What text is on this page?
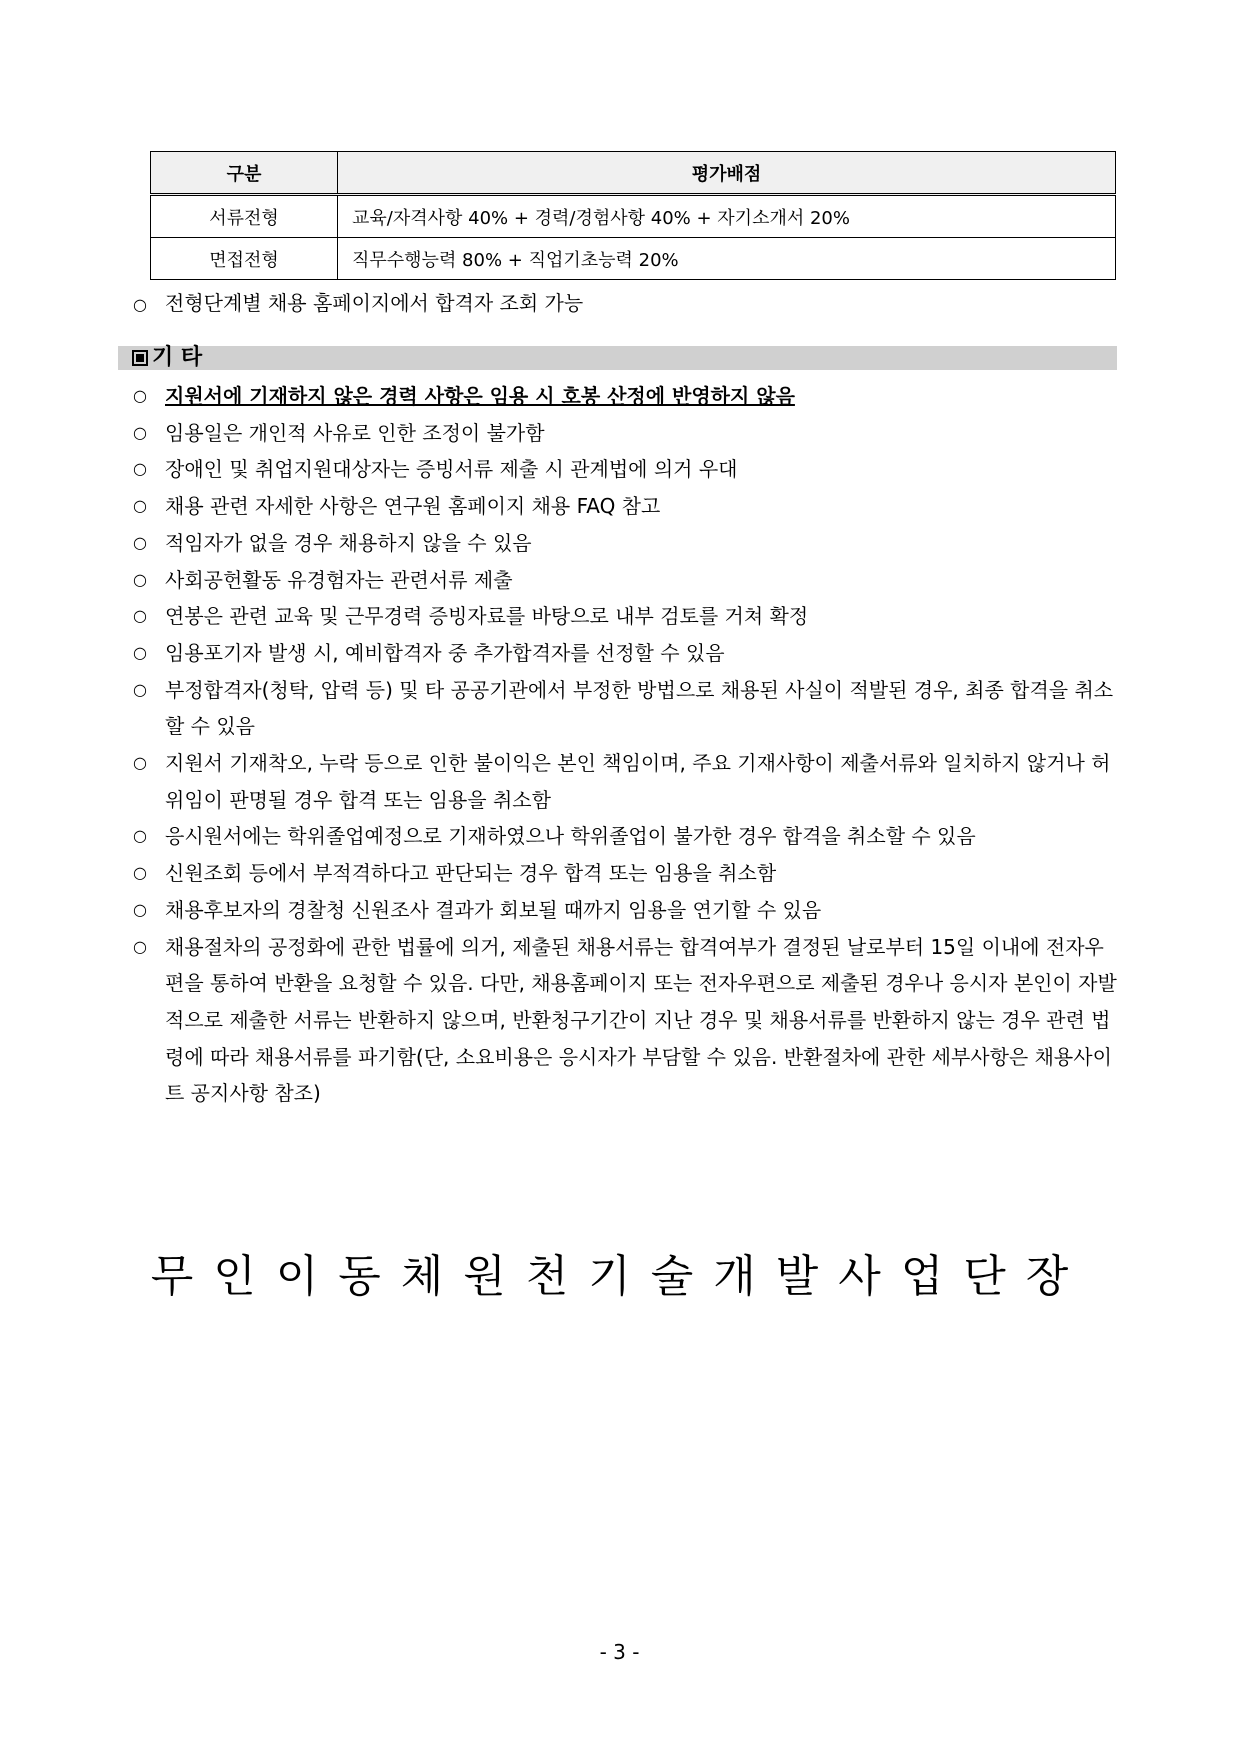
구분	평가배점
서류전형	교육/자격사항 40% + 경력/경험사항 40% + 자기소개서 20%
면접전형	직무수행능력 80% + 직업기초능력 20%
○ 전형단계별 채용 홈페이지에서 합격자 조회 가능
기 타
○ 지원서에 기재하지 않은 경력 사항은 임용 시 호봉 산정에 반영하지 않음
○ 임용일은 개인적 사유로 인한 조정이 불가함
○ 장애인 및 취업지원대상자는 증빙서류 제출 시 관계법에 의거 우대
○ 채용 관련 자세한 사항은 연구원 홈페이지 채용 FAQ 참고
○ 적임자가 없을 경우 채용하지 않을 수 있음
○ 사회공헌활동 유경험자는 관련서류 제출
○ 연봉은 관련 교육 및 근무경력 증빙자료를 바탕으로 내부 검토를 거쳐 확정
○ 임용포기자 발생 시, 예비합격자 중 추가합격자를 선정할 수 있음
○ 부정합격자(청탁, 압력 등) 및 타 공공기관에서 부정한 방법으로 채용된 사실이 적발된 경우, 최종 합격을 취소할 수 있음
○ 지원서 기재착오, 누락 등으로 인한 불이익은 본인 책임이며, 주요 기재사항이 제출서류와 일치하지 않거나 허위임이 판명될 경우 합격 또는 임용을 취소함
○ 응시원서에는 학위졸업예정으로 기재하였으나 학위졸업이 불가한 경우 합격을 취소할 수 있음
○ 신원조회 등에서 부적격하다고 판단되는 경우 합격 또는 임용을 취소함
○ 채용후보자의 경찰청 신원조사 결과가 회보될 때까지 임용을 연기할 수 있음
○ 채용절차의 공정화에 관한 법률에 의거, 제출된 채용서류는 합격여부가 결정된 날로부터 15일 이내에 전자우편을 통하여 반환을 요청할 수 있음. 다만, 채용홈페이지 또는 전자우편으로 제출된 경우나 응시자 본인이 자발적으로 제출한 서류는 반환하지 않으며, 반환청구기간이 지난 경우 및 채용서류를 반환하지 않는 경우 관련 법령에 따라 채용서류를 파기함(단, 소요비용은 응시자가 부담할 수 있음. 반환절차에 관한 세부사항은 채용사이트 공지사항 참조)
무인이동체원천기술개발사업단장
- 3 -
